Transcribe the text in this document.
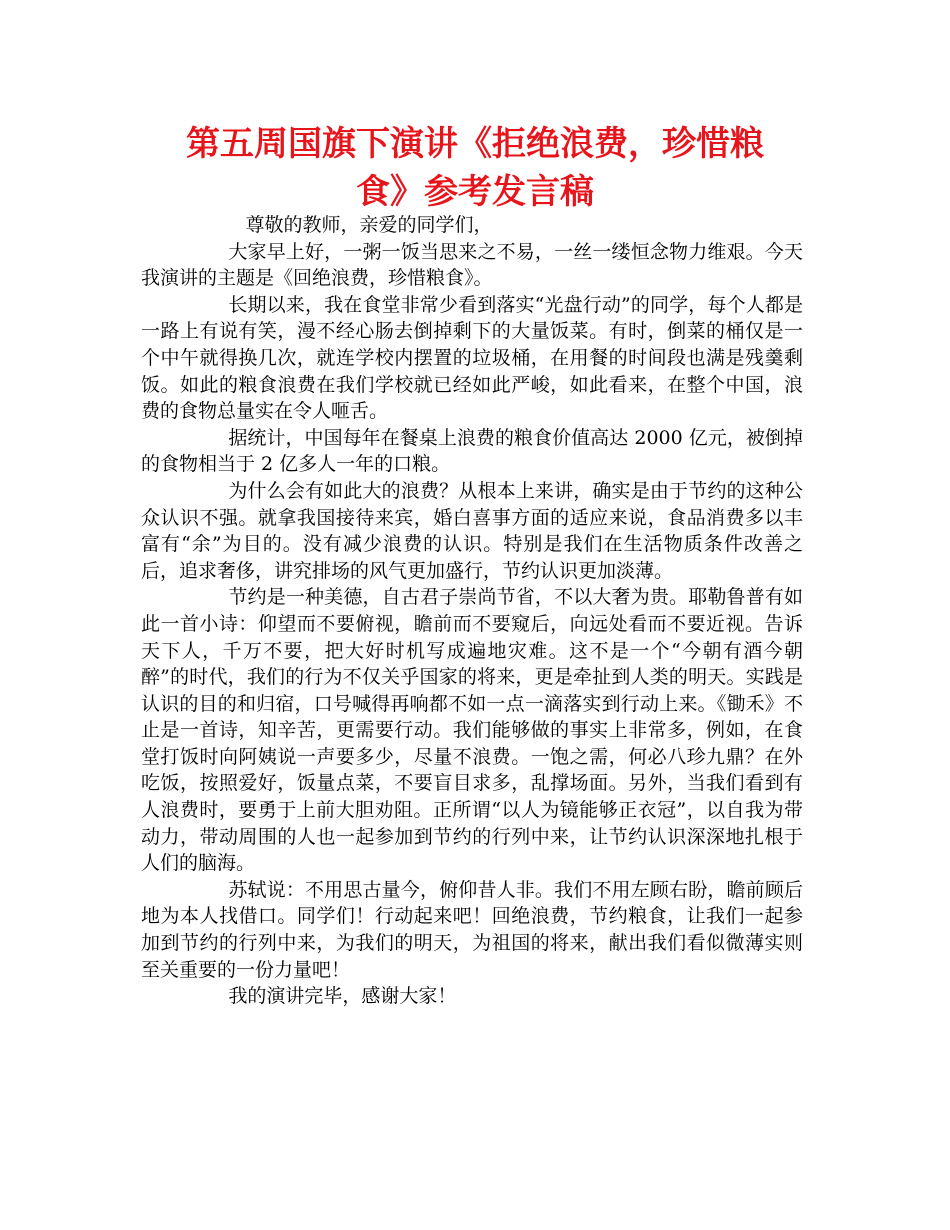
第五周国旗下演讲《拒绝浪费，珍惜粮
食》参考发言稿

尊敬的教师，亲爱的同学们，

大家早上好，一粥一饭当思来之不易，一丝一缕恒念物力维艰。今天我演讲的主题是《回绝浪费，珍惜粮食》。

长期以来，我在食堂非常少看到落实“光盘行动”的同学，每个人都是一路上有说有笑，漫不经心肠去倒掉剩下的大量饭菜。有时，倒菜的桶仅是一个中午就得换几次，就连学校内摆置的垃圾桶，在用餐的时间段也满是残羹剩饭。如此的粮食浪费在我们学校就已经如此严峻，如此看来，在整个中国，浪费的食物总量实在令人咂舌。

据统计，中国每年在餐桌上浪费的粮食价值高达 2000 亿元，被倒掉的食物相当于 2 亿多人一年的口粮。

为什么会有如此大的浪费？从根本上来讲，确实是由于节约的这种公众认识不强。就拿我国接待来宾，婚白喜事方面的适应来说，食品消费多以丰富有“余”为目的。没有减少浪费的认识。特别是我们在生活物质条件改善之后，追求奢侈，讲究排场的风气更加盛行，节约认识更加淡薄。

节约是一种美德，自古君子崇尚节省，不以大奢为贵。耶勒鲁普有如此一首小诗：仰望而不要俯视，瞻前而不要窥后，向远处看而不要近视。告诉天下人，千万不要，把大好时机写成遍地灾难。这不是一个“今朝有酒今朝醉”的时代，我们的行为不仅关乎国家的将来，更是牵扯到人类的明天。实践是认识的目的和归宿，口号喊得再响都不如一点一滴落实到行动上来。《锄禾》不止是一首诗，知辛苦，更需要行动。我们能够做的事实上非常多，例如，在食堂打饭时向阿姨说一声要多少，尽量不浪费。一饱之需，何必八珍九鼎？在外吃饭，按照爱好，饭量点菜，不要盲目求多，乱撑场面。另外，当我们看到有人浪费时，要勇于上前大胆劝阻。正所谓“以人为镜能够正衣冠”，以自我为带动力，带动周围的人也一起参加到节约的行列中来，让节约认识深深地扎根于人们的脑海。

苏轼说：不用思古量今，俯仰昔人非。我们不用左顾右盼，瞻前顾后地为本人找借口。同学们！行动起来吧！回绝浪费，节约粮食，让我们一起参加到节约的行列中来，为我们的明天，为祖国的将来，献出我们看似微薄实则至关重要的一份力量吧！

我的演讲完毕，感谢大家！
